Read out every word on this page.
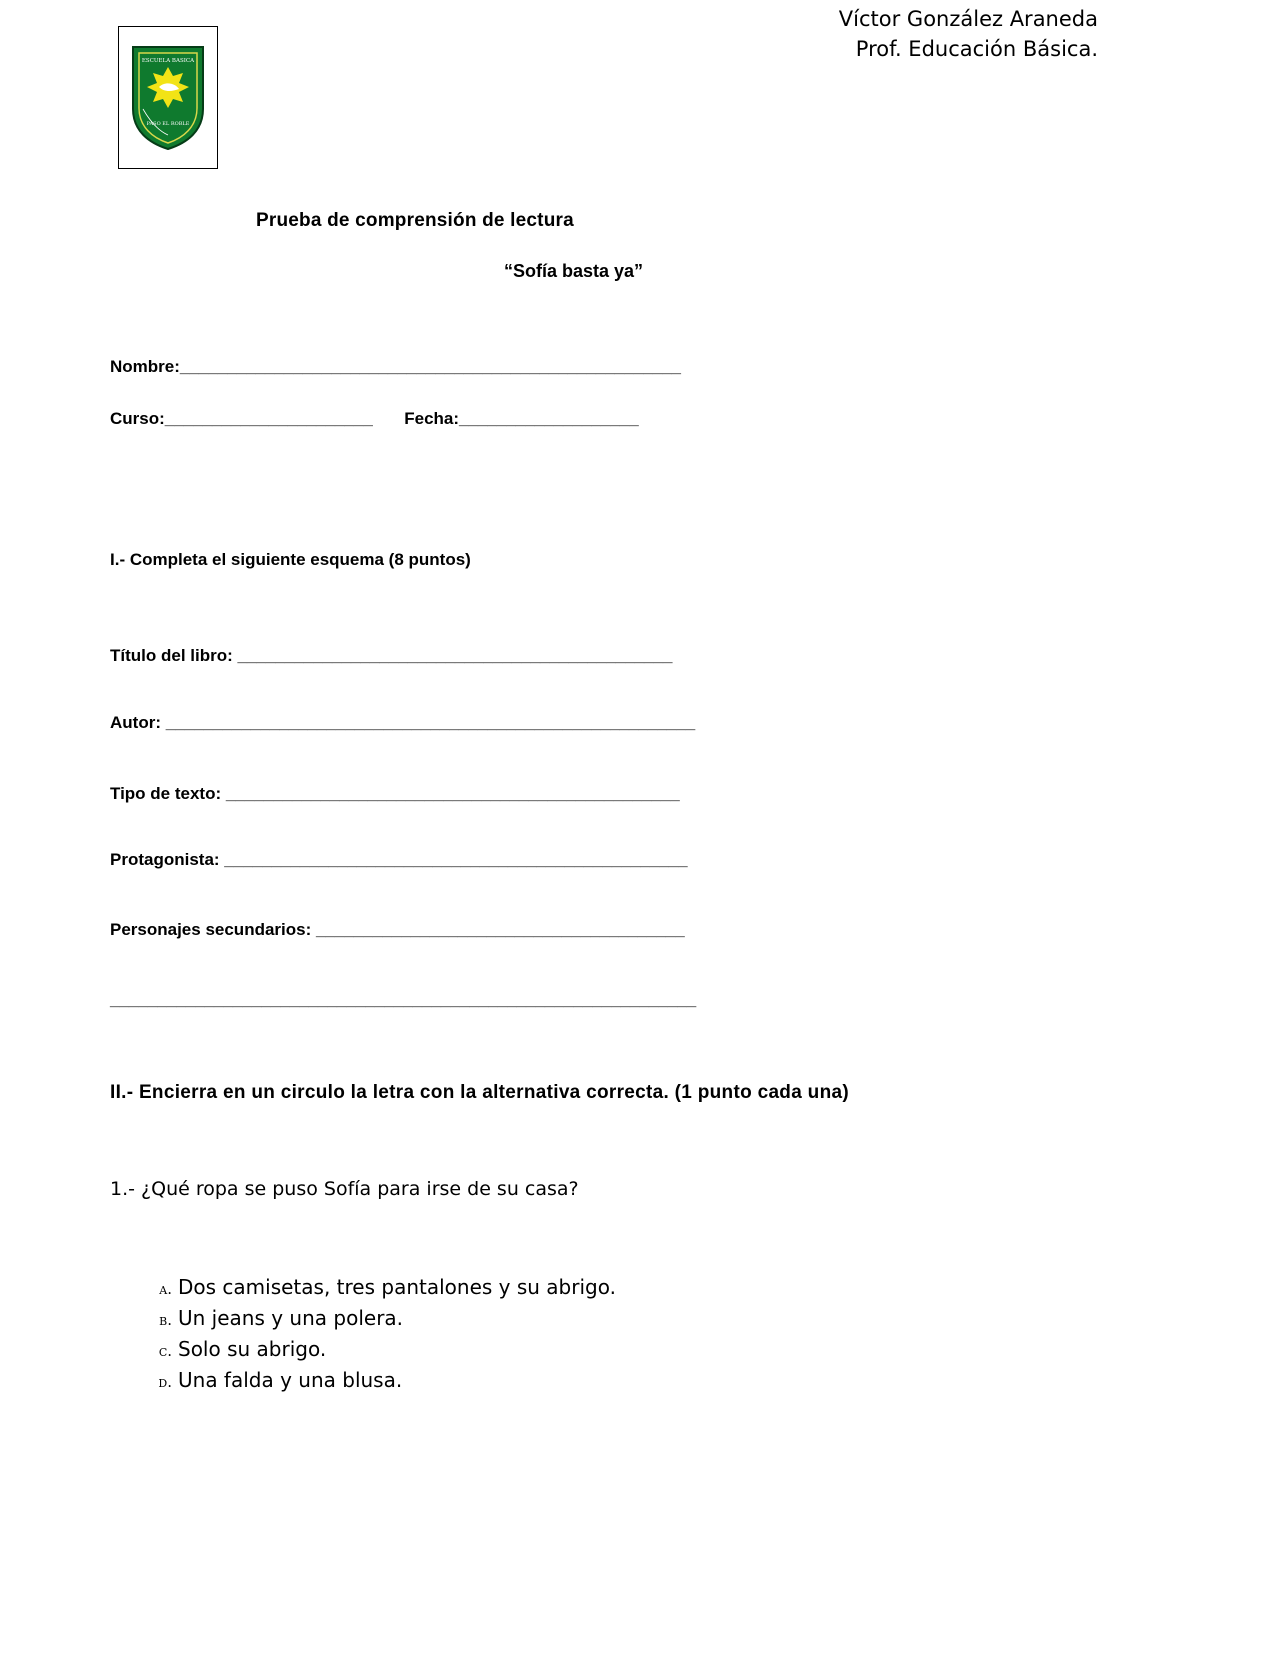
Víctor González Araneda
Prof. Educación Básica.
ESCUELA BASICA
PASO EL ROBLE
Prueba de comprensión de lectura
“Sofía basta ya”
Nombre:_____________________________________________________
Curso:______________________ Fecha:___________________
I.- Completa el siguiente esquema (8 puntos)
Título del libro: ______________________________________________
Autor: ________________________________________________________
Tipo de texto: ________________________________________________
Protagonista: _________________________________________________
Personajes secundarios: _______________________________________
______________________________________________________________
II.- Encierra en un circulo la letra con la alternativa correcta. (1 punto cada una)
1.- ¿Qué ropa se puso Sofía para irse de su casa?
a. Dos camisetas, tres pantalones y su abrigo.
b. Un jeans y una polera.
c. Solo su abrigo.
d. Una falda y una blusa.
